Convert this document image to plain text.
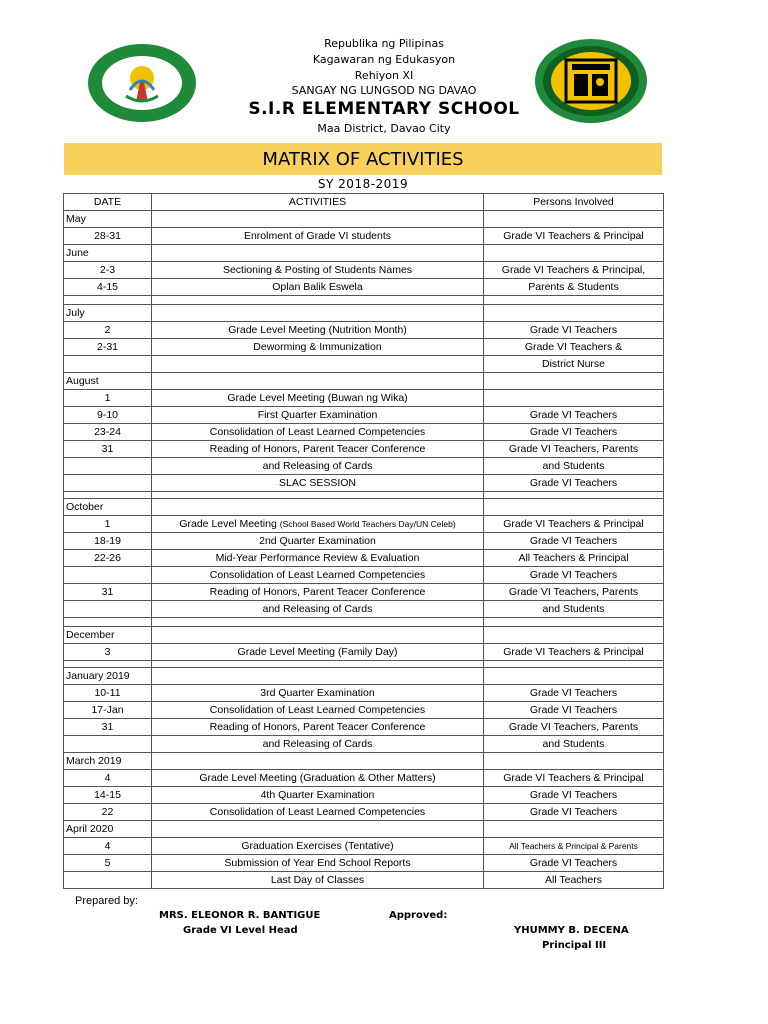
Republika ng Pilipinas
Kagawaran ng Edukasyon
Rehiyon XI
SANGAY NG LUNGSOD NG DAVAO
S.I.R ELEMENTARY SCHOOL
Maa District, Davao City
MATRIX OF ACTIVITIES
SY 2018-2019
DATE	ACTIVITIES	Persons Involved
May		
28-31	Enrolment of Grade VI students	Grade VI Teachers & Principal
June		
2-3	Sectioning & Posting of Students Names	Grade VI Teachers & Principal,
4-15	Oplan Balik Eswela	Parents & Students

July		
2	Grade Level Meeting (Nutrition Month)	Grade VI Teachers
2-31	Deworming & Immunization	Grade VI Teachers &
		District Nurse
August		
1	Grade Level Meeting (Buwan ng Wika)	
9-10	First Quarter Examination	Grade VI Teachers
23-24	Consolidation of Least Learned Competencies	Grade VI Teachers
31	Reading of Honors, Parent Teacer Conference	Grade VI Teachers, Parents
	and Releasing of Cards	and Students
	SLAC SESSION	Grade VI Teachers

October		
1	Grade Level Meeting (School Based World Teachers Day/UN Celeb)	Grade VI Teachers & Principal
18-19	2nd Quarter Examination	Grade VI Teachers
22-26	Mid-Year Performance Review & Evaluation	All Teachers & Principal
	Consolidation of Least Learned Competencies	Grade VI Teachers
31	Reading of Honors, Parent Teacer Conference	Grade VI Teachers, Parents
	and Releasing of Cards	and Students

December		
3	Grade Level Meeting (Family Day)	Grade VI Teachers & Principal

January 2019		
10-11	3rd Quarter Examination	Grade VI Teachers
17-Jan	Consolidation of Least Learned Competencies	Grade VI Teachers
31	Reading of Honors, Parent Teacer Conference	Grade VI Teachers, Parents
	and Releasing of Cards	and Students
March 2019		
4	Grade Level Meeting (Graduation & Other Matters)	Grade VI Teachers & Principal
14-15	4th Quarter Examination	Grade VI Teachers
22	Consolidation of Least Learned Competencies	Grade VI Teachers
April 2020		
4	Graduation Exercises (Tentative)	All Teachers & Principal & Parents
5	Submission of Year End School Reports	Grade VI Teachers
	Last Day of Classes	All Teachers
Prepared by:
MRS. ELEONOR R. BANTIGUE
Grade VI Level Head
Approved:
YHUMMY B. DECENA
Principal III
